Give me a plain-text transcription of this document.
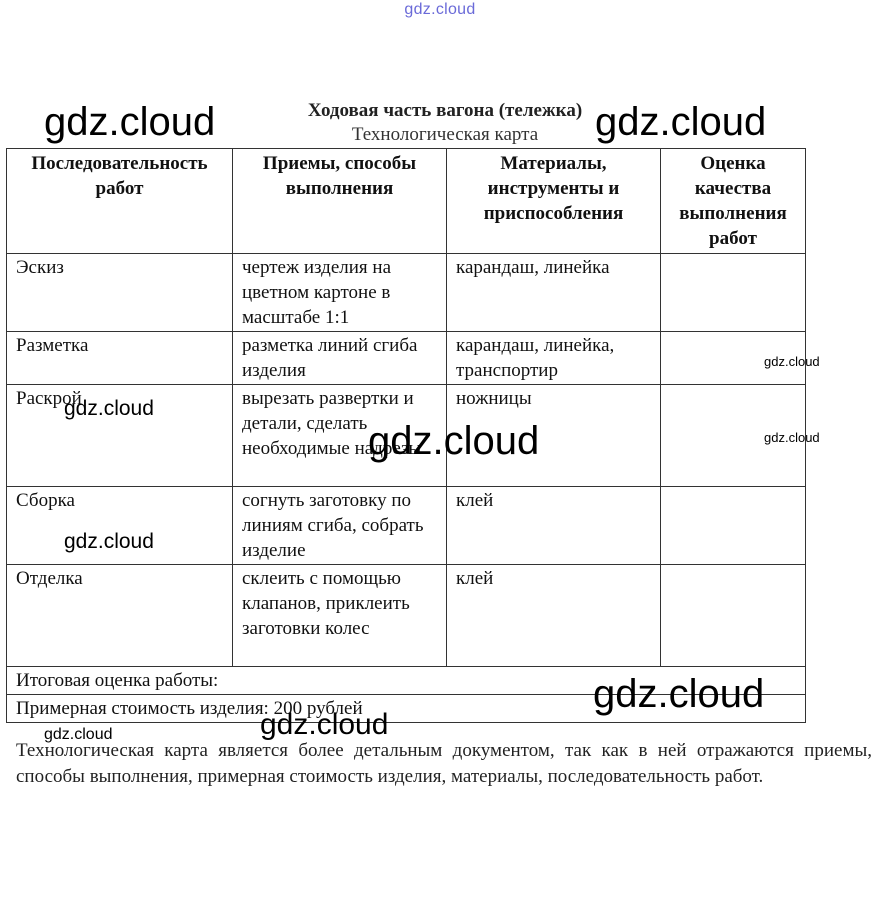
gdz.cloud
Ходовая часть вагона (тележка)
Технологическая карта
Последовательность работ	Приемы, способы выполнения	Материалы, инструменты и приспособления	Оценка качества выполнения работ
Эскиз	чертеж изделия на цветном картоне в масштабе 1:1	карандаш, линейка	
Разметка	разметка линий сгиба изделия	карандаш, линейка, транспортир	
Раскрой	вырезать развертки и детали, сделать необходимые надрезы	ножницы	
Сборка	согнуть заготовку по линиям сгиба, собрать изделие	клей	
Отделка	склеить с помощью клапанов, приклеить заготовки колес	клей	
Итоговая оценка работы:			
Примерная стоимость изделия: 200 рублей			
Технологическая карта является более детальным документом, так как в ней отражаются приемы, способы выполнения, примерная стоимость изделия, материалы, последовательность работ.
gdz.cloud	gdz.cloud
gdz.cloud
gdz.cloud
gdz.cloud
gdz.cloud
gdz.cloud
gdz.cloud
gdz.cloud
gdz.cloud
